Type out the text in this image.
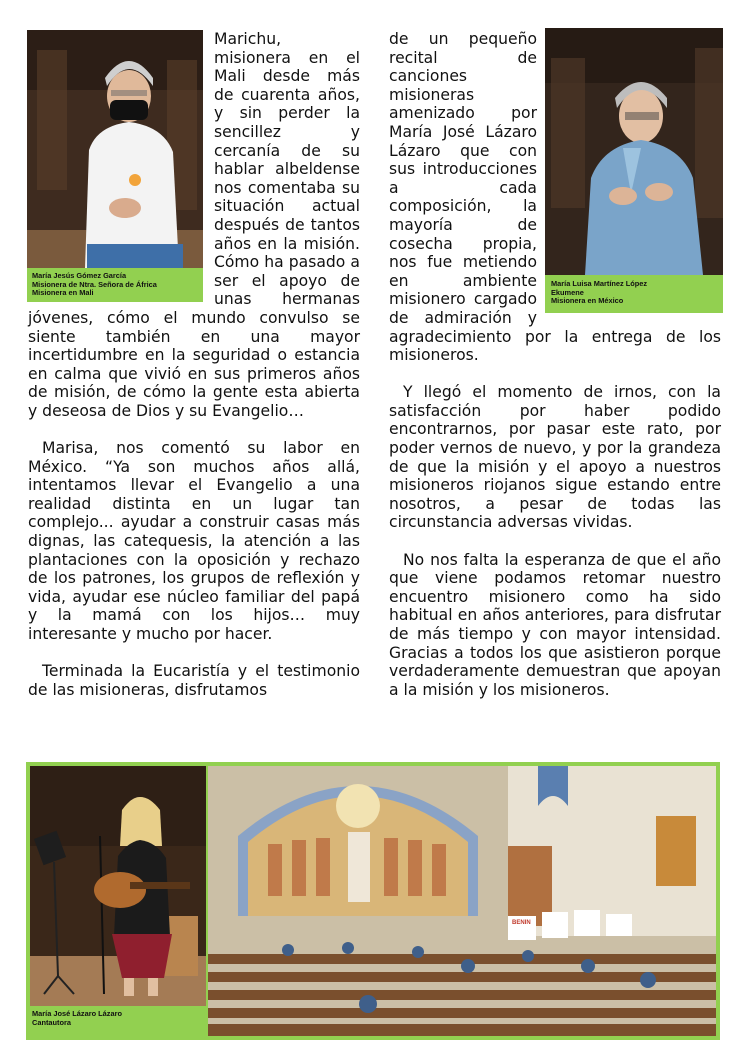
María Jesús Gómez García
Misionera de Ntra. Señora de África
Misionera en Mali
María Luisa Martínez López
Ekumene
Misionera en México

Marichu, misionera en el Mali desde más de cuarenta años, y sin perder la sencillez y cercanía de su hablar albeldense nos comentaba su situación actual después de tantos años en la misión. Cómo ha pasado a ser el apoyo de unas hermanas jóvenes, cómo el mundo convulso se siente también en una mayor incertidumbre en la seguridad o estancia en calma que vivió en sus primeros años de misión, de cómo la gente esta abierta y deseosa de Dios y su Evangelio…

Marisa, nos comentó su labor en México. “Ya son muchos años allá, intentamos llevar el Evangelio a una realidad distinta en un lugar tan complejo... ayudar a construir casas más dignas, las catequesis, la atención a las plantaciones con la oposición y rechazo de los patrones, los grupos de reflexión y vida, ayudar ese núcleo familiar del papá y la mamá con los hijos… muy interesante y mucho por hacer.

Terminada la Eucaristía y el testimonio de las misioneras, disfrutamos

de un pequeño recital de canciones misioneras amenizado por María José Lázaro Lázaro que con sus introducciones a cada composición, la mayoría de cosecha propia, nos fue metiendo en ambiente misionero cargado de admiración y agradecimiento por la entrega de los misioneros.

Y llegó el momento de irnos, con la satisfacción por haber podido encontrarnos, por pasar este rato, por poder vernos de nuevo, y por la grandeza de que la misión y el apoyo a nuestros misioneros riojanos sigue estando entre nosotros, a pesar de todas las circunstancia adversas vividas.

No nos falta la esperanza de que el año que viene podamos retomar nuestro encuentro misionero como ha sido habitual en años anteriores, para disfrutar de más tiempo y con mayor intensidad. Gracias a todos los que asistieron porque verdaderamente demuestran que apoyan a la misión y los misioneros.

BENIN
María José Lázaro Lázaro
Cantautora
